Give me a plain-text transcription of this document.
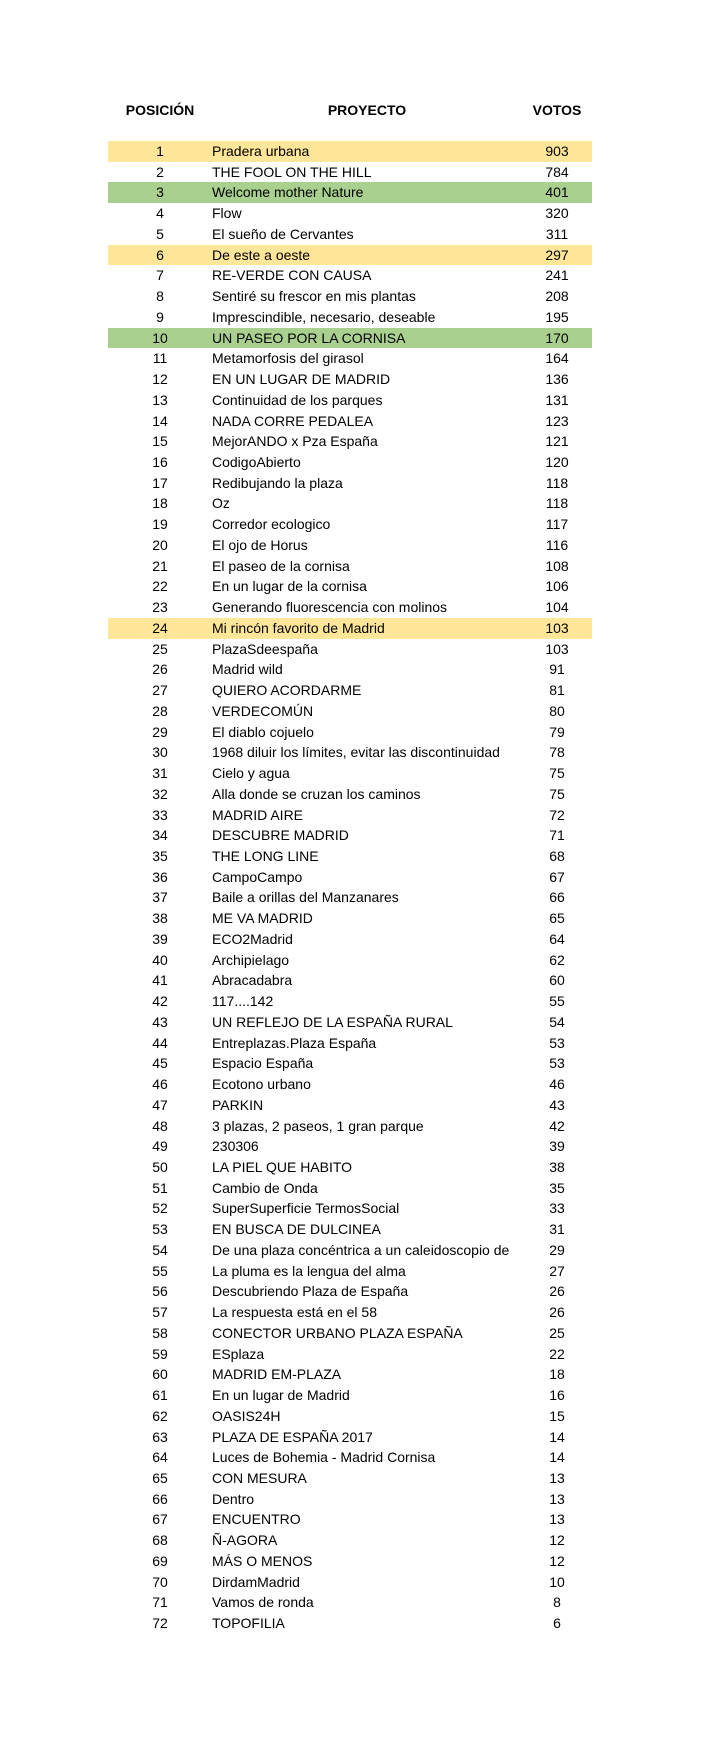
POSICIÓN	PROYECTO	VOTOS
1	Pradera urbana	903
2	THE FOOL ON THE HILL	784
3	Welcome mother Nature	401
4	Flow	320
5	El sueño de Cervantes	311
6	De este a oeste	297
7	RE-VERDE CON CAUSA	241
8	Sentiré su frescor en mis plantas	208
9	Imprescindible, necesario, deseable	195
10	UN PASEO POR LA CORNISA	170
11	Metamorfosis del girasol	164
12	EN UN LUGAR DE MADRID	136
13	Continuidad de los parques	131
14	NADA CORRE PEDALEA	123
15	MejorANDO x Pza España	121
16	CodigoAbierto	120
17	Redibujando la plaza	118
18	Oz	118
19	Corredor ecologico	117
20	El ojo de Horus	116
21	El paseo de la cornisa	108
22	En un lugar de la cornisa	106
23	Generando fluorescencia con molinos	104
24	Mi rincón favorito de Madrid	103
25	PlazaSdeespaña	103
26	Madrid wild	91
27	QUIERO ACORDARME	81
28	VERDECOMÚN	80
29	El diablo cojuelo	79
30	1968 diluir los límites, evitar las discontinuidad	78
31	Cielo y agua	75
32	Alla donde se cruzan los caminos	75
33	MADRID AIRE	72
34	DESCUBRE MADRID	71
35	THE LONG LINE	68
36	CampoCampo	67
37	Baile a orillas del Manzanares	66
38	ME VA MADRID	65
39	ECO2Madrid	64
40	Archipielago	62
41	Abracadabra	60
42	117....142	55
43	UN REFLEJO DE LA ESPAÑA RURAL	54
44	Entreplazas.Plaza España	53
45	Espacio España	53
46	Ecotono urbano	46
47	PARKIN	43
48	3 plazas, 2 paseos, 1 gran parque	42
49	230306	39
50	LA PIEL QUE HABITO	38
51	Cambio de Onda	35
52	SuperSuperficie TermosSocial	33
53	EN BUSCA DE DULCINEA	31
54	De una plaza concéntrica a un caleidoscopio de	29
55	La pluma es la lengua del alma	27
56	Descubriendo Plaza de España	26
57	La respuesta está en el 58	26
58	CONECTOR URBANO PLAZA ESPAÑA	25
59	ESplaza	22
60	MADRID EM-PLAZA	18
61	En un lugar de Madrid	16
62	OASIS24H	15
63	PLAZA DE ESPAÑA 2017	14
64	Luces de Bohemia - Madrid Cornisa	14
65	CON MESURA	13
66	Dentro	13
67	ENCUENTRO	13
68	Ñ-AGORA	12
69	MÁS O MENOS	12
70	DirdamMadrid	10
71	Vamos de ronda	8
72	TOPOFILIA	6
